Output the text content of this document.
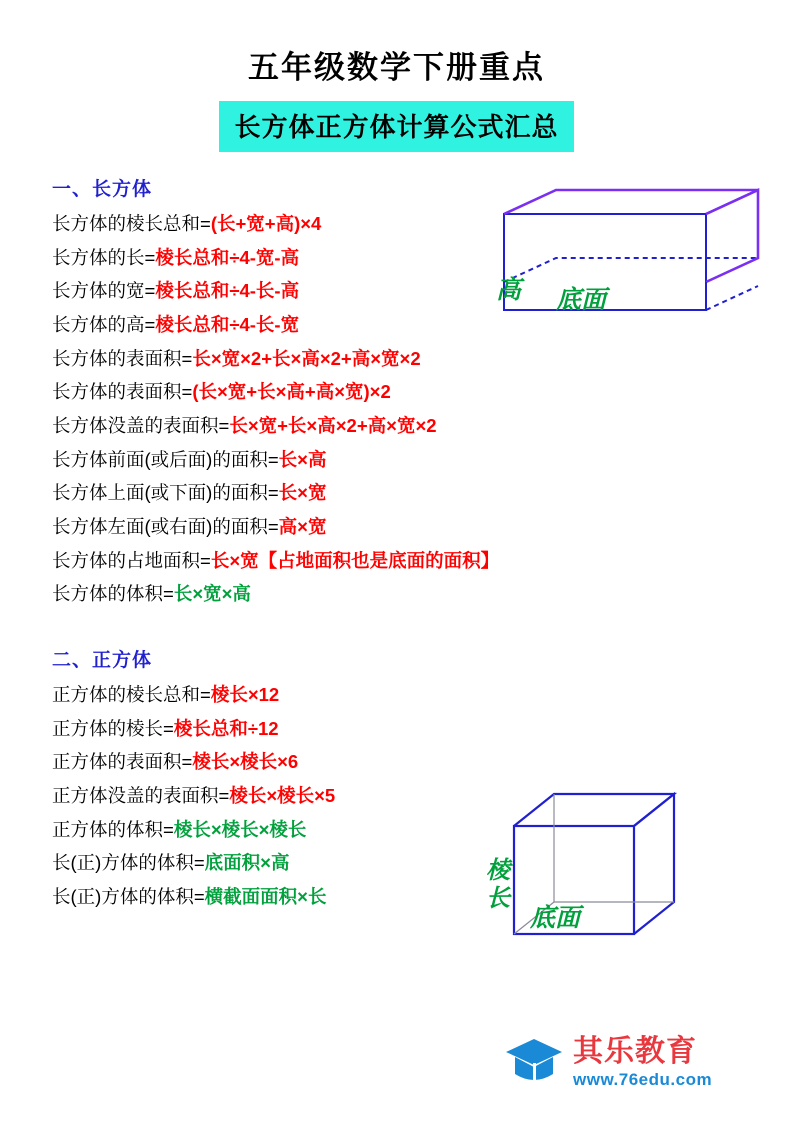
五年级数学下册重点
长方体正方体计算公式汇总
一、长方体
长方体的棱长总和=(长+宽+高)×4
长方体的长=棱长总和÷4-宽-高
长方体的宽=棱长总和÷4-长-高
长方体的高=棱长总和÷4-长-宽
长方体的表面积=长×宽×2+长×高×2+高×宽×2
长方体的表面积=(长×宽+长×高+高×宽)×2
长方体没盖的表面积=长×宽+长×高×2+高×宽×2
长方体前面(或后面)的面积=长×高
长方体上面(或下面)的面积=长×宽
长方体左面(或右面)的面积=高×宽
长方体的占地面积=长×宽【占地面积也是底面的面积】
长方体的体积=长×宽×高
二、正方体
正方体的棱长总和=棱长×12
正方体的棱长=棱长总和÷12
正方体的表面积=棱长×棱长×6
正方体没盖的表面积=棱长×棱长×5
正方体的体积=棱长×棱长×棱长
长(正)方体的体积=底面积×高
长(正)方体的体积=横截面面积×长
高 底面
棱
长
底面
其乐教育
www.76edu.com
